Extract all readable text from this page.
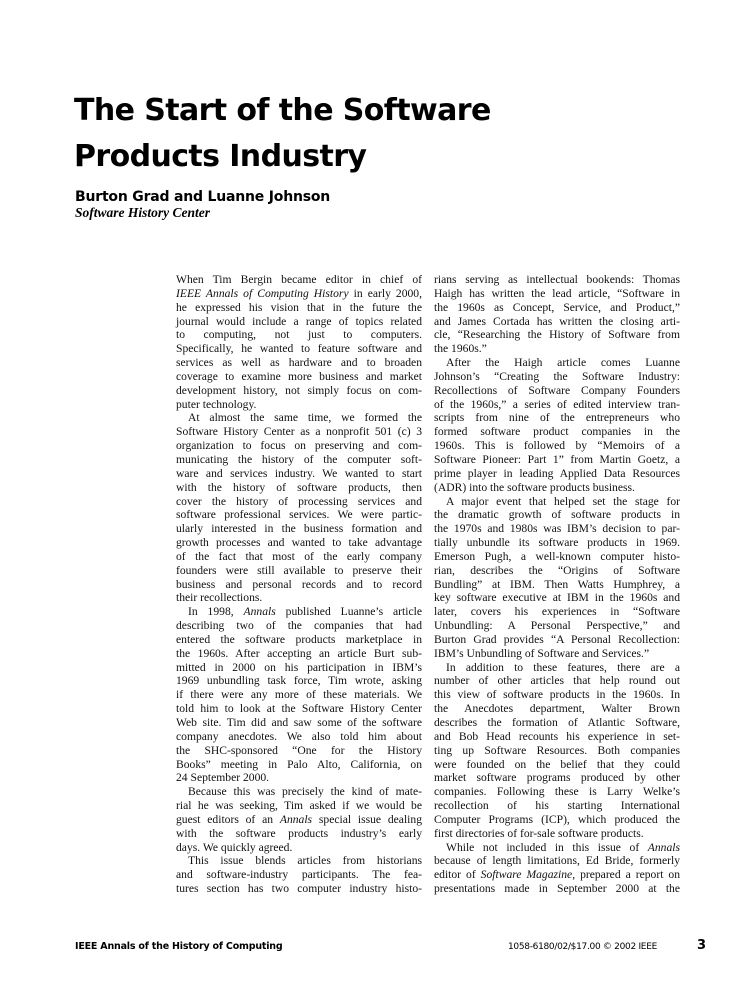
The Start of the Software
Products Industry
Burton Grad and Luanne Johnson
Software History Center
When Tim Bergin became editor in chief of
IEEE Annals of Computing History in early 2000,
he expressed his vision that in the future the
journal would include a range of topics related
to computing, not just to computers.
Specifically, he wanted to feature software and
services as well as hardware and to broaden
coverage to examine more business and market
development history, not simply focus on com-
puter technology.
At almost the same time, we formed the
Software History Center as a nonprofit 501 (c) 3
organization to focus on preserving and com-
municating the history of the computer soft-
ware and services industry. We wanted to start
with the history of software products, then
cover the history of processing services and
software professional services. We were partic-
ularly interested in the business formation and
growth processes and wanted to take advantage
of the fact that most of the early company
founders were still available to preserve their
business and personal records and to record
their recollections.
In 1998, Annals published Luanne’s article
describing two of the companies that had
entered the software products marketplace in
the 1960s. After accepting an article Burt sub-
mitted in 2000 on his participation in IBM’s
1969 unbundling task force, Tim wrote, asking
if there were any more of these materials. We
told him to look at the Software History Center
Web site. Tim did and saw some of the software
company anecdotes. We also told him about
the SHC-sponsored “One for the History
Books” meeting in Palo Alto, California, on
24 September 2000.
Because this was precisely the kind of mate-
rial he was seeking, Tim asked if we would be
guest editors of an Annals special issue dealing
with the software products industry’s early
days. We quickly agreed.
This issue blends articles from historians
and software-industry participants. The fea-
tures section has two computer industry histo-
rians serving as intellectual bookends: Thomas
Haigh has written the lead article, “Software in
the 1960s as Concept, Service, and Product,”
and James Cortada has written the closing arti-
cle, “Researching the History of Software from
the 1960s.”
After the Haigh article comes Luanne
Johnson’s “Creating the Software Industry:
Recollections of Software Company Founders
of the 1960s,” a series of edited interview tran-
scripts from nine of the entrepreneurs who
formed software product companies in the
1960s. This is followed by “Memoirs of a
Software Pioneer: Part 1” from Martin Goetz, a
prime player in leading Applied Data Resources
(ADR) into the software products business.
A major event that helped set the stage for
the dramatic growth of software products in
the 1970s and 1980s was IBM’s decision to par-
tially unbundle its software products in 1969.
Emerson Pugh, a well-known computer histo-
rian, describes the “Origins of Software
Bundling” at IBM. Then Watts Humphrey, a
key software executive at IBM in the 1960s and
later, covers his experiences in “Software
Unbundling: A Personal Perspective,” and
Burton Grad provides “A Personal Recollection:
IBM’s Unbundling of Software and Services.”
In addition to these features, there are a
number of other articles that help round out
this view of software products in the 1960s. In
the Anecdotes department, Walter Brown
describes the formation of Atlantic Software,
and Bob Head recounts his experience in set-
ting up Software Resources. Both companies
were founded on the belief that they could
market software programs produced by other
companies. Following these is Larry Welke’s
recollection of his starting International
Computer Programs (ICP), which produced the
first directories of for-sale software products.
While not included in this issue of Annals
because of length limitations, Ed Bride, formerly
editor of Software Magazine, prepared a report on
presentations made in September 2000 at the
IEEE Annals of the History of Computing	1058-6180/02/$17.00 © 2002 IEEE	3
